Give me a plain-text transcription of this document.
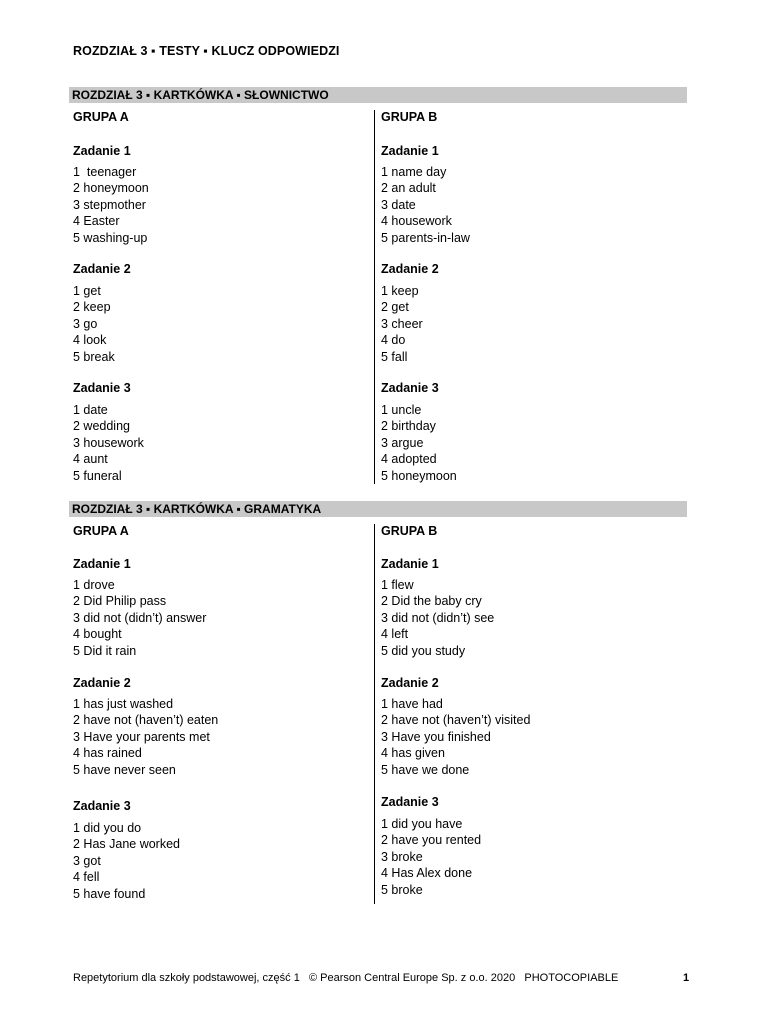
ROZDZIAŁ 3 ▪ TESTY ▪ KLUCZ ODPOWIEDZI
ROZDZIAŁ 3 ▪ KARTKÓWKA ▪ SŁOWNICTWO
GRUPA A
Zadanie 1
1  teenager
2 honeymoon
3 stepmother
4 Easter
5 washing-up
Zadanie 2
1 get
2 keep
3 go
4 look
5 break
Zadanie 3
1 date
2 wedding
3 housework
4 aunt
5 funeral
GRUPA B
Zadanie 1
1 name day
2 an adult
3 date
4 housework
5 parents-in-law
Zadanie 2
1 keep
2 get
3 cheer
4 do
5 fall
Zadanie 3
1 uncle
2 birthday
3 argue
4 adopted
5 honeymoon
ROZDZIAŁ 3 ▪ KARTKÓWKA ▪ GRAMATYKA
GRUPA A
Zadanie 1
1 drove
2 Did Philip pass
3 did not (didn’t) answer
4 bought
5 Did it rain
Zadanie 2
1 has just washed
2 have not (haven’t) eaten
3 Have your parents met
4 has rained
5 have never seen
Zadanie 3
1 did you do
2 Has Jane worked
3 got
4 fell
5 have found
GRUPA B
Zadanie 1
1 flew
2 Did the baby cry
3 did not (didn’t) see
4 left
5 did you study
Zadanie 2
1 have had
2 have not (haven’t) visited
3 Have you finished
4 has given
5 have we done
Zadanie 3
1 did you have
2 have you rented
3 broke
4 Has Alex done
5 broke
Repetytorium dla szkoły podstawowej, część 1   © Pearson Central Europe Sp. z o.o. 2020   PHOTOCOPIABLE	1
